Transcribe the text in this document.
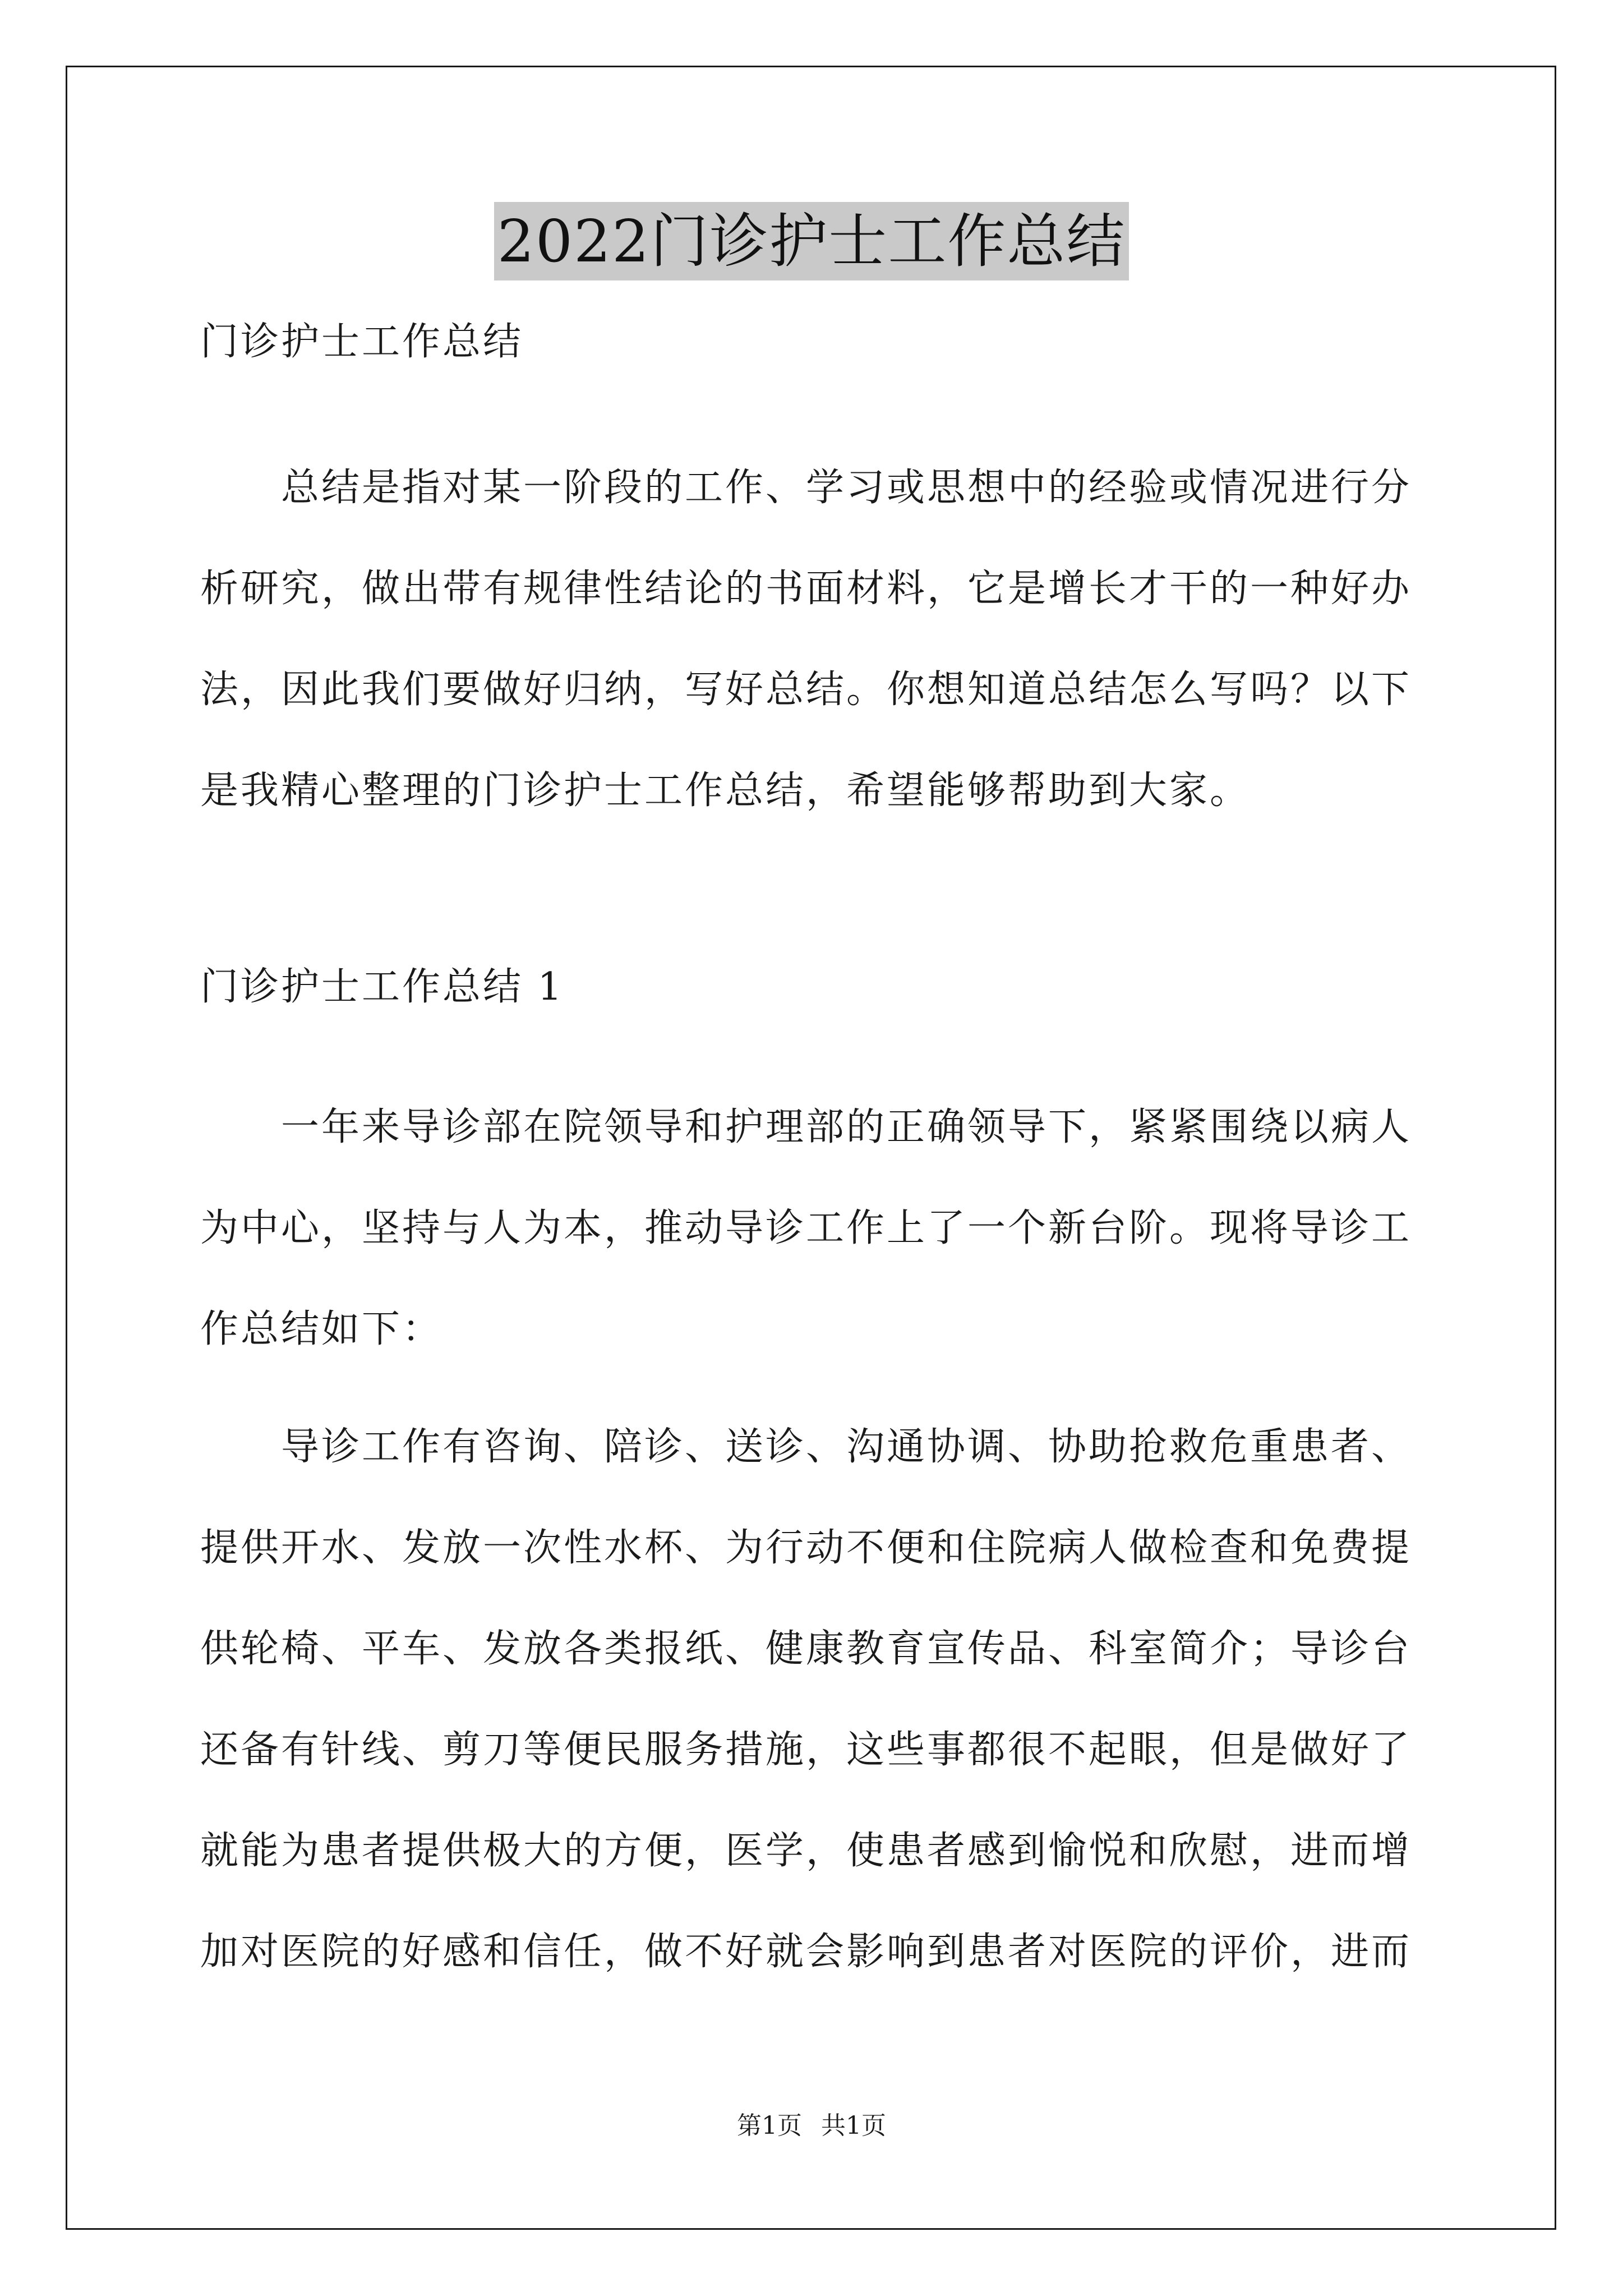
2022门诊护士工作总结
门诊护士工作总结
　　总结是指对某一阶段的工作、学习或思想中的经验或情况进行分
析研究，做出带有规律性结论的书面材料，它是增长才干的一种好办
法，因此我们要做好归纳，写好总结。你想知道总结怎么写吗？以下
是我精心整理的门诊护士工作总结，希望能够帮助到大家。
门诊护士工作总结 1
　　一年来导诊部在院领导和护理部的正确领导下，紧紧围绕以病人
为中心，坚持与人为本，推动导诊工作上了一个新台阶。现将导诊工
作总结如下：
　　导诊工作有咨询、陪诊、送诊、沟通协调、协助抢救危重患者、
提供开水、发放一次性水杯、为行动不便和住院病人做检查和免费提
供轮椅、平车、发放各类报纸、健康教育宣传品、科室简介；导诊台
还备有针线、剪刀等便民服务措施，这些事都很不起眼，但是做好了
就能为患者提供极大的方便，医学，使患者感到愉悦和欣慰，进而增
加对医院的好感和信任，做不好就会影响到患者对医院的评价，进而
第1页 共1页
